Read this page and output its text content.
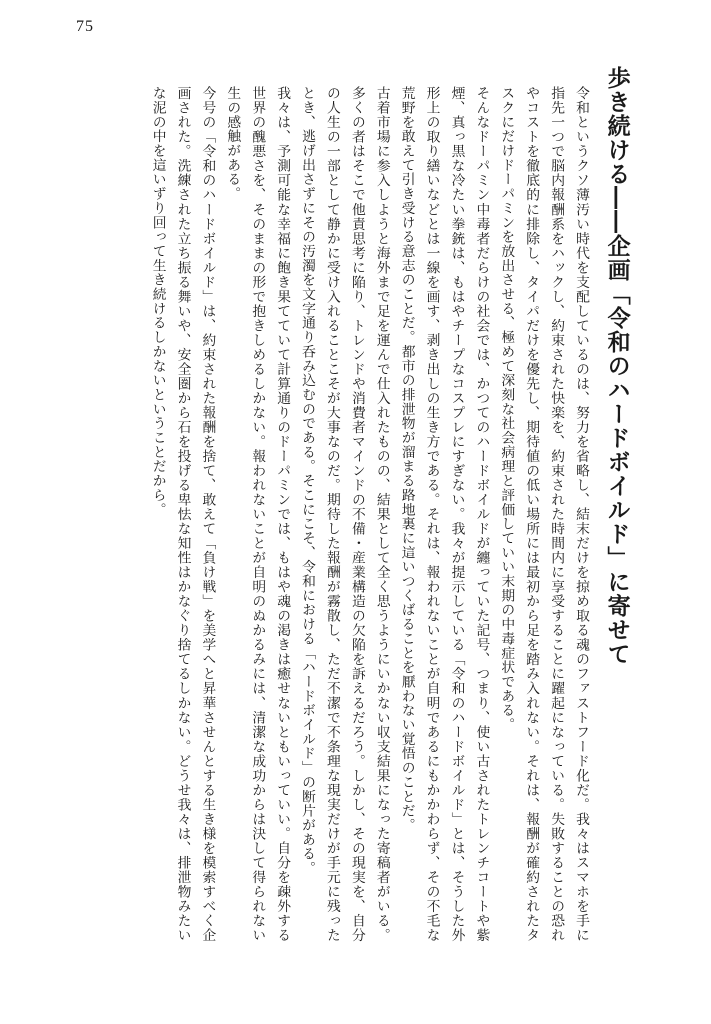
75
歩き続ける――企画「令和のハードボイルド」に寄せて

令和というクソ薄汚い時代を支配しているのは、努力を省略し、結末だけを掠め取る魂のファストフード化だ。我々はスマホを手に指先一つで脳内報酬系をハックし、約束された快楽を、約束された時間内に享受することに躍起になっている。失敗することの恐れやコストを徹底的に排除し、タイパだけを優先し、期待値の低い場所には最初から足を踏み入れない。それは、報酬が確約されたタスクにだけドーパミンを放出させる、極めて深刻な社会病理と評価していい末期の中毒症状である。

そんなドーパミン中毒者だらけの社会では、かつてのハードボイルドが纏っていた記号、つまり、使い古されたトレンチコートや紫煙、真っ黒な冷たい拳銃は、もはやチープなコスプレにすぎない。我々が提示している「令和のハードボイルド」とは、そうした外形上の取り繕いなどとは一線を画す、剥き出しの生き方である。それは、報われないことが自明であるにもかかわらず、その不毛な荒野を敢えて引き受ける意志のことだ。都市の排泄物が溜まる路地裏に這いつくばることを厭わない覚悟のことだ。

古着市場に参入しようと海外まで足を運んで仕入れたものの、結果として全く思うようにいかない収支結果になった寄稿者がいる。多くの者はそこで他責思考に陥り、トレンドや消費者マインドの不備・産業構造の欠陥を訴えるだろう。しかし、その現実を、自分の人生の一部として静かに受け入れることこそが大事なのだ。期待した報酬が霧散し、ただ不潔で不条理な現実だけが手元に残ったとき、逃げ出さずにその汚濁を文字通り呑み込むのである。そこにこそ、令和における「ハードボイルド」の断片がある。

我々は、予測可能な幸福に飽き果てていて計算通りのドーパミンでは、もはや魂の渇きは癒せないともいっていい。自分を疎外する世界の醜悪さを、そのままの形で抱きしめるしかない。報われないことが自明のぬかるみには、清潔な成功からは決して得られない生の感触がある。

今号の「令和のハードボイルド」は、約束された報酬を捨て、敢えて「負け戦」を美学へと昇華させんとする生き様を模索すべく企画された。洗練された立ち振る舞いや、安全圏から石を投げる卑怯な知性はかなぐり捨てるしかない。どうせ我々は、排泄物みたいな泥の中を這いずり回って生き続けるしかないということだから。
